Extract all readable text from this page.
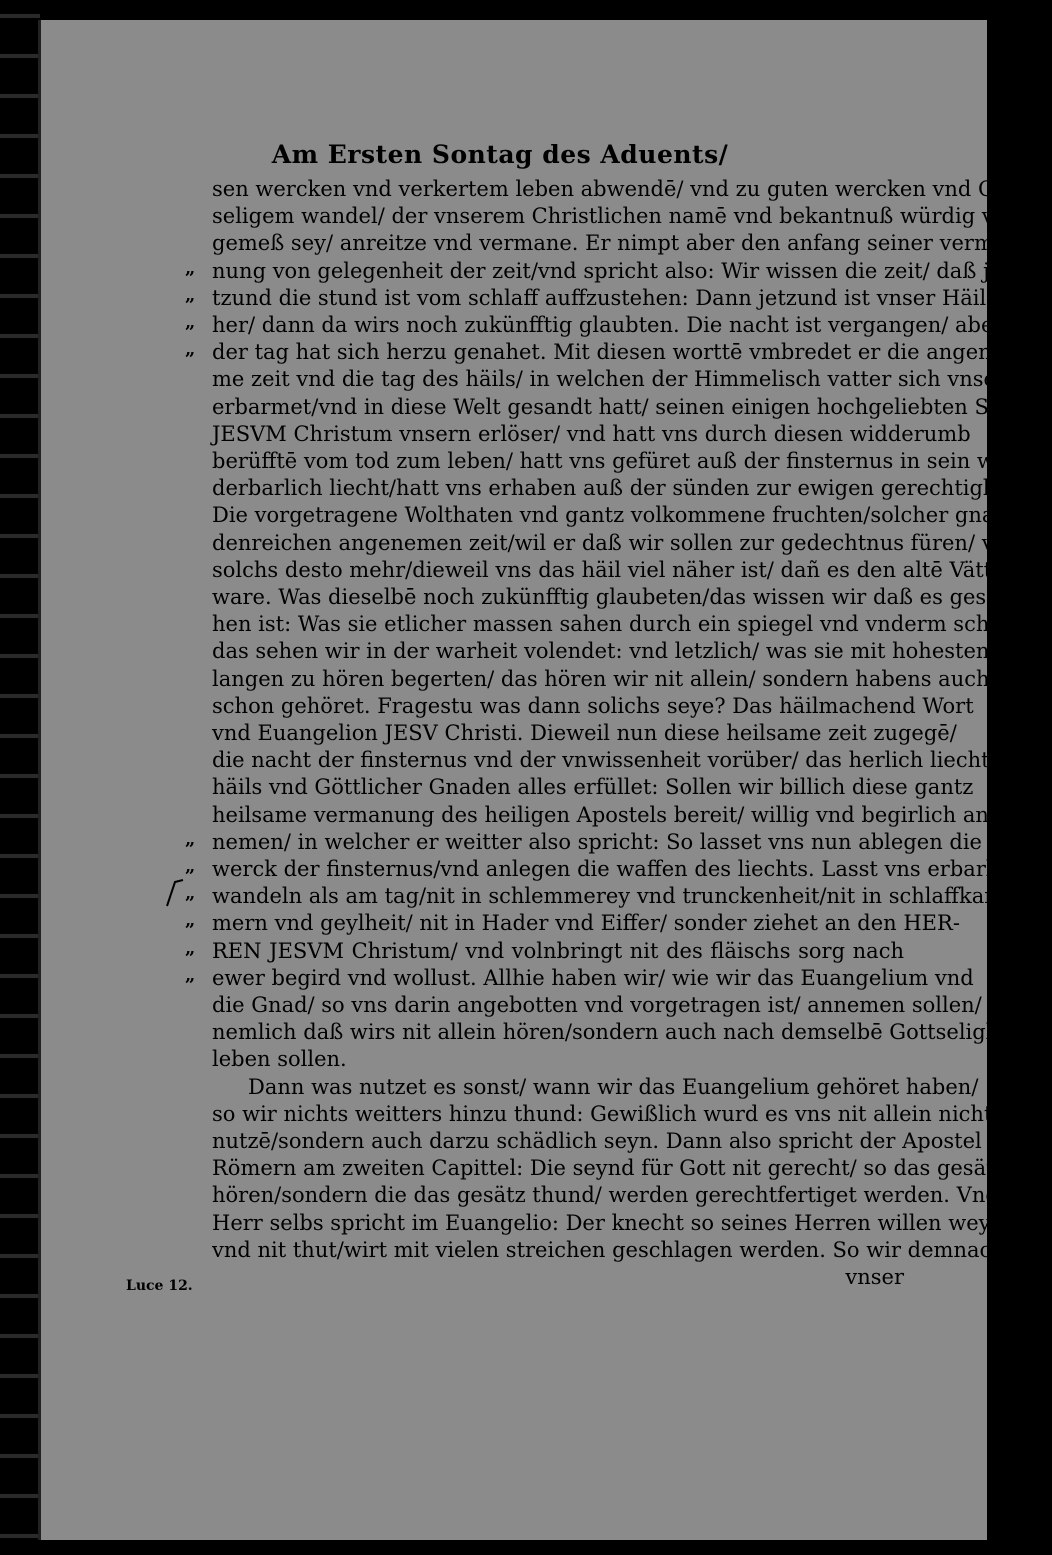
Am Ersten Sontag des Aduents/
sen wercken vnd verkertem leben abwendē/ vnd zu guten wercken vnd Gott-
seligem wandel/ der vnserem Christlichen namē vnd bekantnuß würdig vñ
gemeß sey/ anreitze vnd vermane. Er nimpt aber den anfang seiner verma-
nung von gelegenheit der zeit/vnd spricht also: Wir wissen die zeit/ daß je-
„
tzund die stund ist vom schlaff auffzustehen: Dann jetzund ist vnser Häil nä-
„
her/ dann da wirs noch zukünfftig glaubten. Die nacht ist vergangen/ aber
„
der tag hat sich herzu genahet. Mit diesen worttē vmbredet er die angene-
„
me zeit vnd die tag des häils/ in welchen der Himmelisch vatter sich vnser
erbarmet/vnd in diese Welt gesandt hatt/ seinen einigen hochgeliebten Son
JESVM Christum vnsern erlöser/ vnd hatt vns durch diesen widderumb
berüfftē vom tod zum leben/ hatt vns gefüret auß der finsternus in sein wun-
derbarlich liecht/hatt vns erhaben auß der sünden zur ewigen gerechtigkeit.
Die vorgetragene Wolthaten vnd gantz volkommene fruchten/solcher gna-
denreichen angenemen zeit/wil er daß wir sollen zur gedechtnus füren/ vnd
solchs desto mehr/dieweil vns das häil viel näher ist/ dañ es den altē Vättern
ware. Was dieselbē noch zukünfftig glaubeten/das wissen wir daß es gesche-
hen ist: Was sie etlicher massen sahen durch ein spiegel vnd vnderm schatten/
das sehen wir in der warheit volendet: vnd letzlich/ was sie mit hohesten ver-
langen zu hören begerten/ das hören wir nit allein/ sondern habens auch
schon gehöret. Fragestu was dann solichs seye? Das häilmachend Wort
vnd Euangelion JESV Christi. Dieweil nun diese heilsame zeit zugegē/
die nacht der finsternus vnd der vnwissenheit vorüber/ das herlich liecht des
häils vnd Göttlicher Gnaden alles erfüllet: Sollen wir billich diese gantz
heilsame vermanung des heiligen Apostels bereit/ willig vnd begirlich an-
nemen/ in welcher er weitter also spricht: So lasset vns nun ablegen die
„
werck der finsternus/vnd anlegen die waffen des liechts. Lasst vns erbarlich
„
wandeln als am tag/nit in schlemmerey vnd trunckenheit/nit in schlaffkam-
„
mern vnd geylheit/ nit in Hader vnd Eiffer/ sonder ziehet an den HER-
„
REN JESVM Christum/ vnd volnbringt nit des fläischs sorg nach
„
ewer begird vnd wollust. Allhie haben wir/ wie wir das Euangelium vnd
„
die Gnad/ so vns darin angebotten vnd vorgetragen ist/ annemen sollen/
nemlich daß wirs nit allein hören/sondern auch nach demselbē Gottseliglich
leben sollen.
Dann was nutzet es sonst/ wann wir das Euangelium gehöret haben/
so wir nichts weitters hinzu thund: Gewißlich wurd es vns nit allein nichts
nutzē/sondern auch darzu schädlich seyn. Dann also spricht der Apostel zun
Römern am zweiten Capittel: Die seynd für Gott nit gerecht/ so das gesätz
hören/sondern die das gesätz thund/ werden gerechtfertiget werden. Vnd der
Herr selbs spricht im Euangelio: Der knecht so seines Herren willen weyßt
vnd nit thut/wirt mit vielen streichen geschlagen werden. So wir demnach
vnser
Luce 12.
